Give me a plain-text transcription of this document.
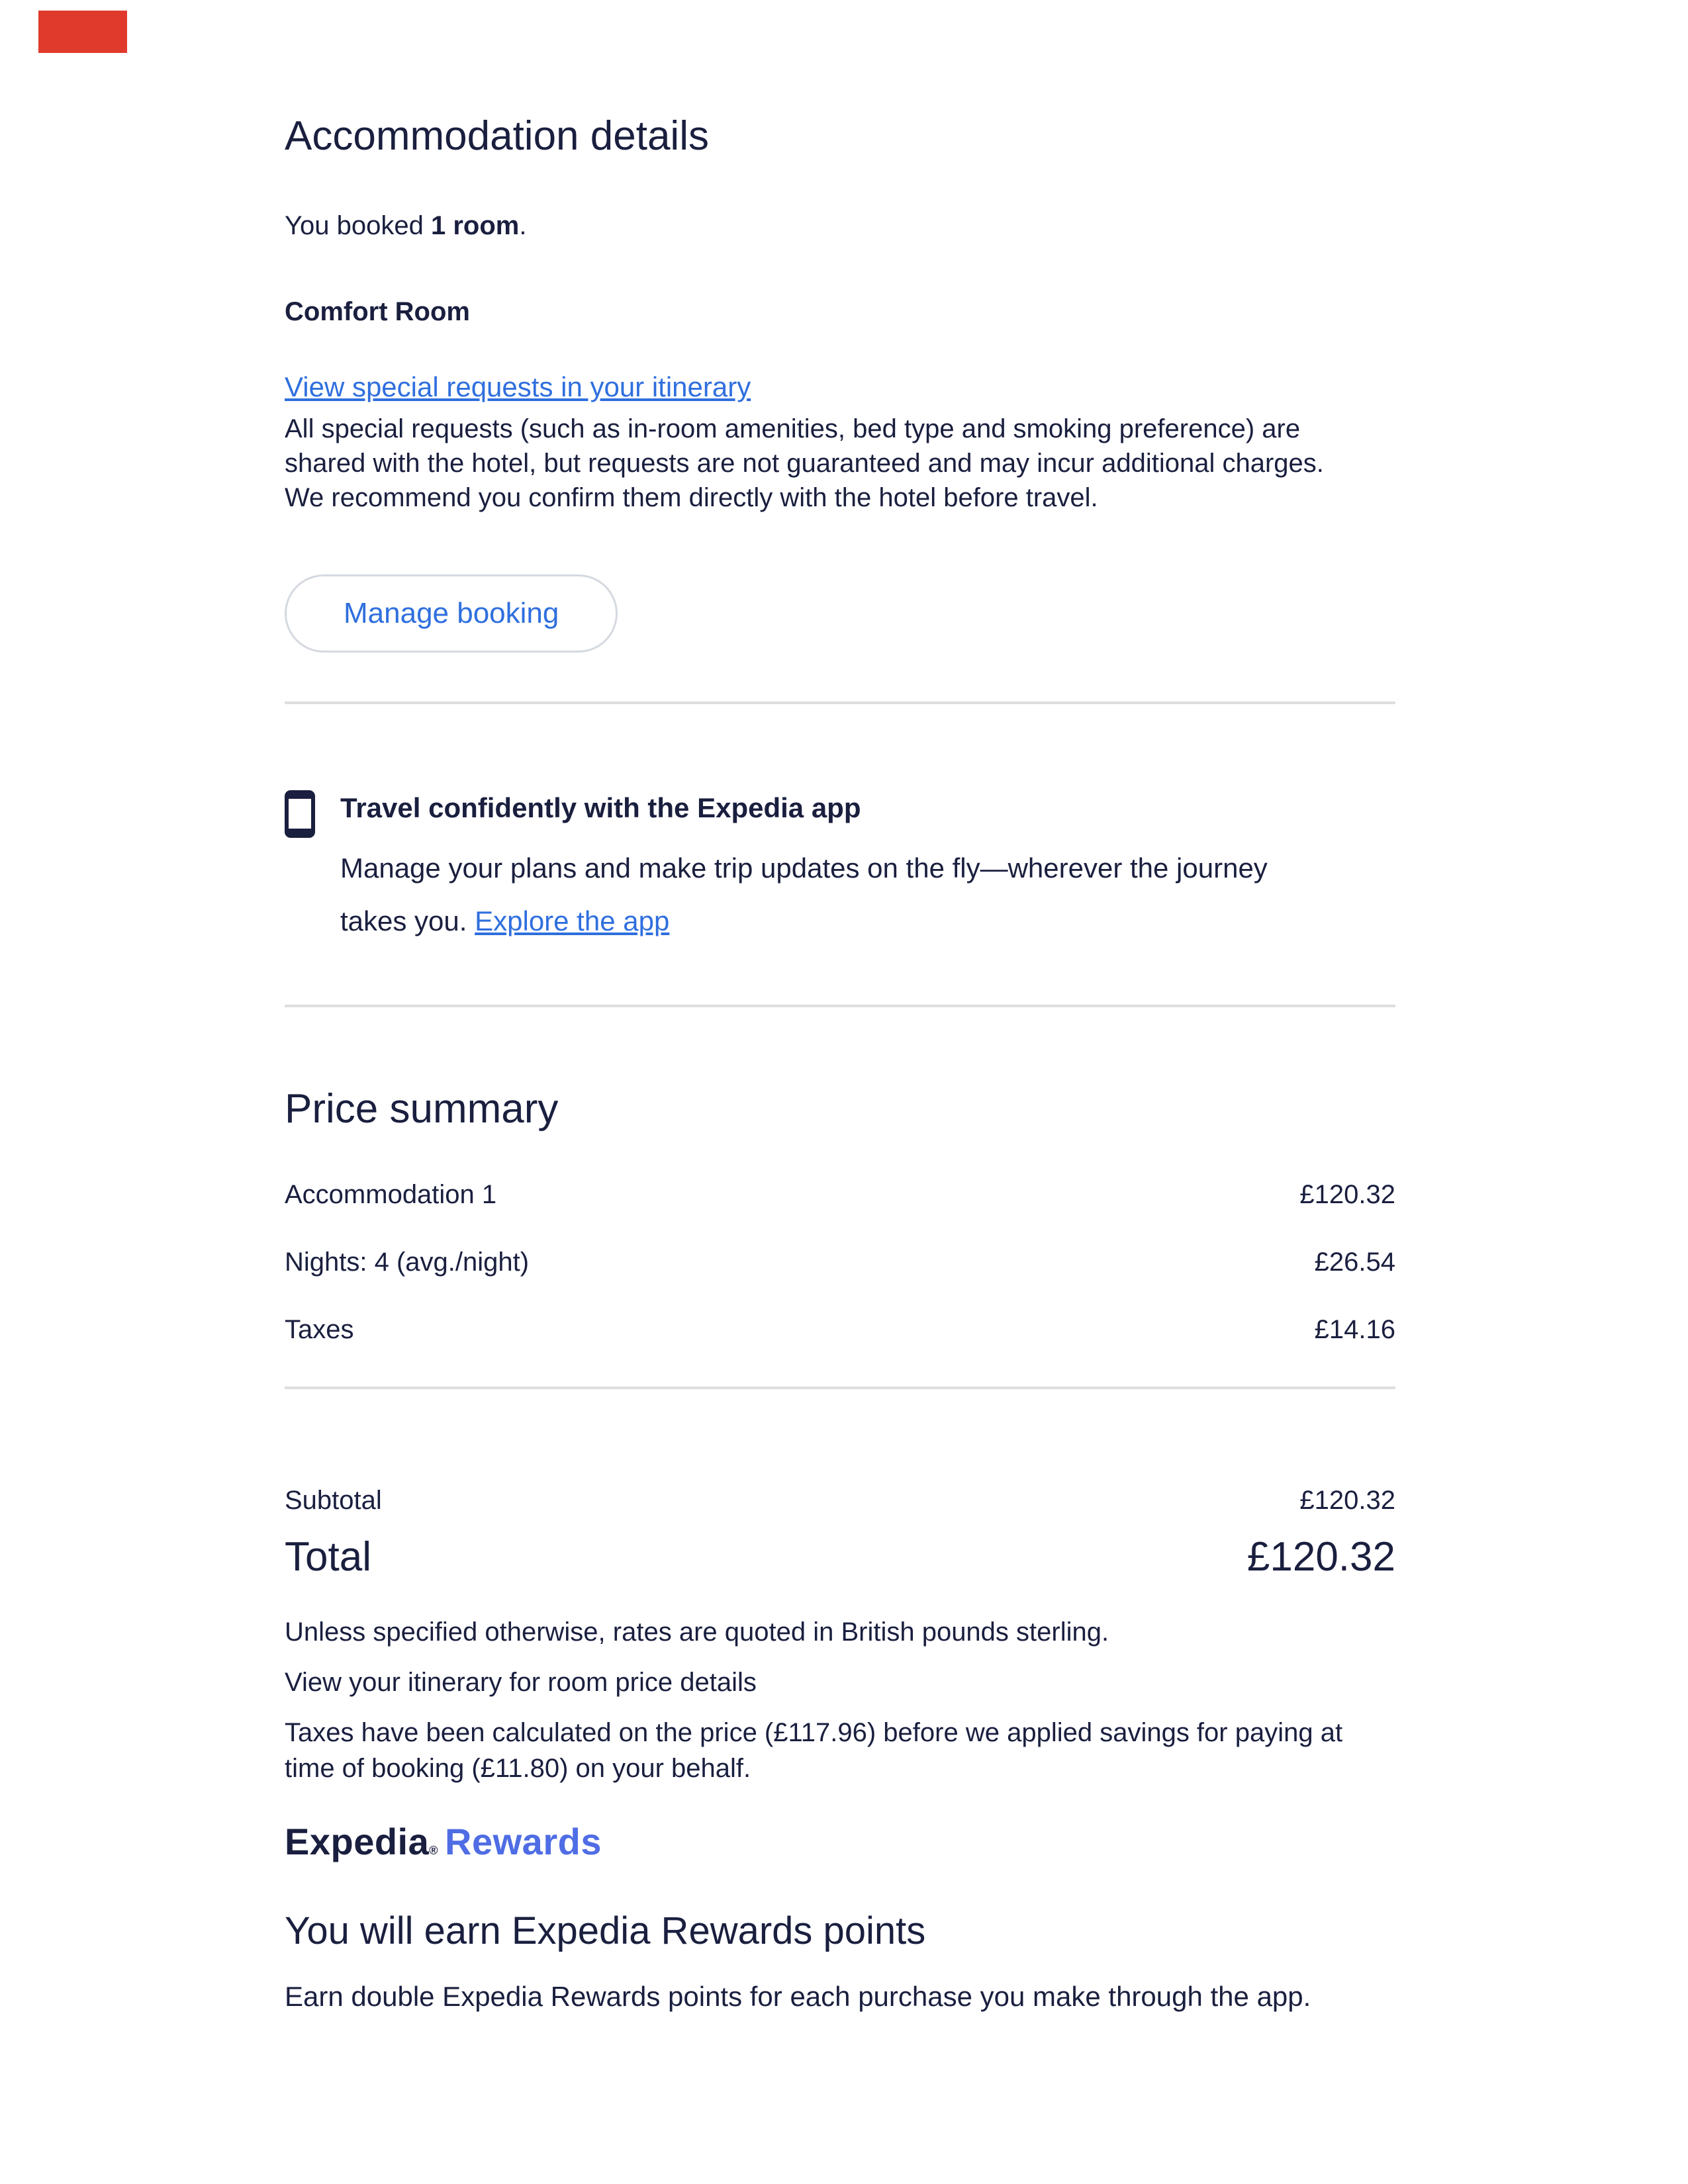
Accommodation details

You booked 1 room.

Comfort Room

View special requests in your itinerary

All special requests (such as in-room amenities, bed type and smoking preference) are shared with the hotel, but requests are not guaranteed and may incur additional charges. We recommend you confirm them directly with the hotel before travel.

Manage booking

Travel confidently with the Expedia app

Manage your plans and make trip updates on the fly—wherever the journey takes you. Explore the app

Price summary
Accommodation 1	£120.32
Nights: 4 (avg./night)	£26.54
Taxes	£14.16
Subtotal	£120.32
Total	£120.32

Unless specified otherwise, rates are quoted in British pounds sterling.

View your itinerary for room price details

Taxes have been calculated on the price (£117.96) before we applied savings for paying at time of booking (£11.80) on your behalf.

Expedia® Rewards
You will earn Expedia Rewards points

Earn double Expedia Rewards points for each purchase you make through the app.
